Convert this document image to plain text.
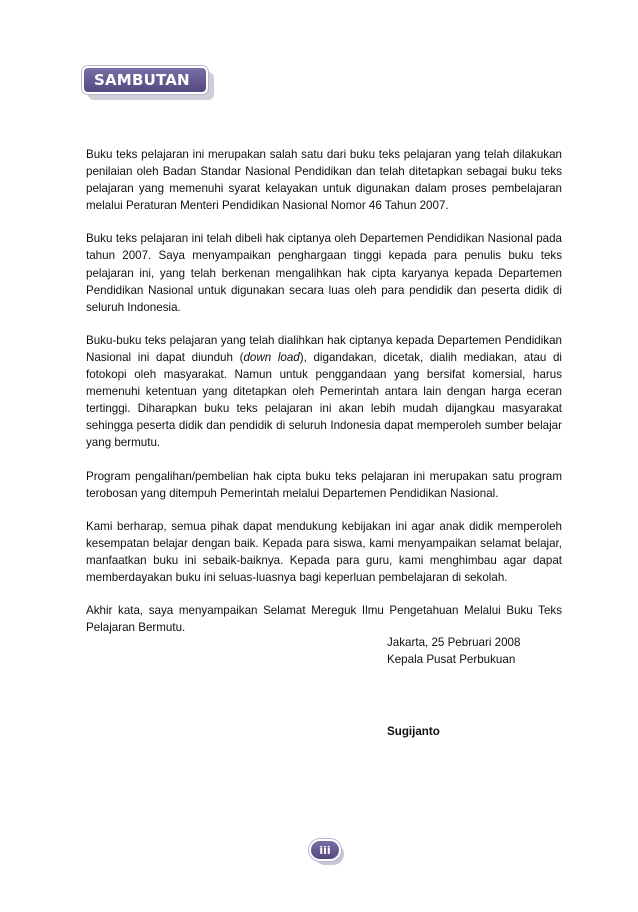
SAMBUTAN

Buku teks pelajaran ini merupakan salah satu dari buku teks pelajaran yang telah dilakukan penilaian oleh Badan Standar Nasional Pendidikan dan telah ditetapkan sebagai buku teks pelajaran yang memenuhi syarat kelayakan untuk digunakan dalam proses pembelajaran melalui Peraturan Menteri Pendidikan Nasional Nomor 46 Tahun 2007.

Buku teks pelajaran ini telah dibeli hak ciptanya oleh Departemen Pendidikan Nasional pada tahun 2007. Saya menyampaikan penghargaan tinggi kepada para penulis buku teks pelajaran ini, yang telah berkenan mengalihkan hak cipta karyanya kepada Departemen Pendidikan Nasional untuk digunakan secara luas oleh para pendidik dan peserta didik di seluruh Indonesia.

Buku-buku teks pelajaran yang telah dialihkan hak ciptanya kepada Departemen Pendidikan Nasional ini dapat diunduh (down load), digandakan, dicetak, dialih mediakan, atau di fotokopi oleh masyarakat. Namun untuk penggandaan yang bersifat komersial, harus memenuhi ketentuan yang ditetapkan oleh Pemerintah antara lain dengan harga eceran tertinggi. Diharapkan buku teks pelajaran ini akan lebih mudah dijangkau masyarakat sehingga peserta didik dan pendidik di seluruh Indonesia dapat memperoleh sumber belajar yang bermutu.

Program pengalihan/pembelian hak cipta buku teks pelajaran ini merupakan satu program terobosan yang ditempuh Pemerintah melalui Departemen Pendidikan Nasional.

Kami berharap, semua pihak dapat mendukung kebijakan ini agar anak didik memperoleh kesempatan belajar dengan baik. Kepada para siswa, kami menyampaikan selamat belajar, manfaatkan buku ini sebaik-baiknya. Kepada para guru, kami menghimbau agar dapat memberdayakan buku ini seluas-luasnya bagi keperluan pembelajaran di sekolah.

Akhir kata, saya menyampaikan Selamat Mereguk Ilmu Pengetahuan Melalui Buku Teks Pelajaran Bermutu.

Jakarta, 25 Pebruari 2008
Kepala Pusat Perbukuan
Sugijanto
iii
